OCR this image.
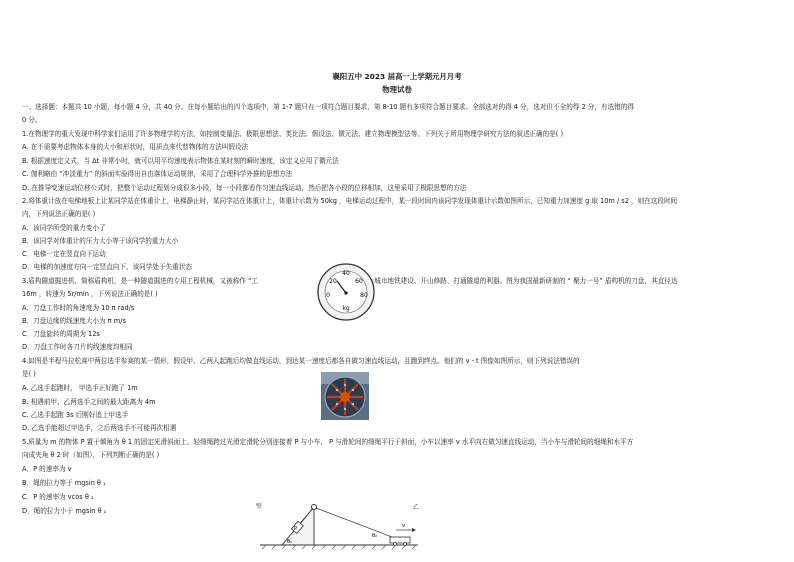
襄阳五中 2023 届高一上学期元月月考
物理试卷
一、选择题：本题共 10 小题，每小题 4 分，共 40 分。在每小题给出的四个选项中，第 1-7 题只有一项符合题目要求，第 8-10 题有多项符合题目要求。全部选对的得 4 分，选对但不全的得 2 分，有选错的得
0 分。
1.在物理学的重大发现中科学家们运用了许多物理学的方法，如控制变量法、极限思想法、类比法、假设法、微元法、建立物理模型法等。下列关于所用物理学研究方法的叙述正确的是( )
A. 在不需要考虑物体本身的大小和形状时，用质点来代替物体的方法叫假设法
B. 根据速度定义式，当 Δt 非常小时，就可以用平均速度表示物体在某时刻的瞬时速度，该定义应用了微元法
C. 伽利略由 “冲淡重力” 的斜面实验得出自由落体运动规律，采用了合理科学外推的思想方法
D. 在推导变速运动位移公式时，把整个运动过程划分成很多小段，每一小段都看作匀速直线运动，然后把各小段的位移相加，这里采用了极限思想的方法
2.将体重计放在电梯地板上让某同学站在体重计上，电梯静止时，某同学站在体重计上，体重计示数为 50kg ，电梯运动过程中，某一段时间内该同学发现体重计示数如图所示，已知重力加速度 g 取 10m / s2 ，则在这段时间
内，下列说法正确的是( )
A．该同学所受的重力变小了
B．该同学对体重计的压力大小等于该同学的重力大小
C．电梯一定在竖直向下运动
D．电梯的加速度方向一定竖直向下，该同学处于失重状态
40
20	60
0	80
kg
3.盾构隧道掘进机，简称盾构机，是一种隧道掘进的专用工程机械，又被称作 “工	;城市地铁建设、开山修路、打通隧道的利器。图为我国最新研制的 “ 聚力一号” 盾构机的刀盘，其直径达
16m ，转速为 5r/min ，下列说法正确的是( )
A．刀盘工作时的角速度为 10 π rad/s
B．刀盘边缘的线速度大小为 π m/s
C．刀盘旋转的周期为 12s
D．刀盘工作时各刀片的线速度均相同
4.如图是半程马拉松赛中两位选手参赛的某一情形，假设甲、乙两人起跑后均做直线运动，到达某一速度后都各自做匀速直线运动，且跑到终点。他们的 v - t 图像如图所示，则下列说法错误的
是( )
A. 乙选手起跑时， 甲选手正好跑了 1m
B. 相遇前甲、乙两选手之间的最大距离为 4m
C. 乙选手起跑 3s 后刚好追上甲选手
D. 乙选手能超过甲选手，之后两选手不可能再次相遇
5.质量为 m 的物体 P 置于倾角为 θ 1 的固定光滑斜面上，轻细绳跨过光滑定滑轮分别连接着 P 与小车， P 与滑轮间的细绳平行于斜面，小车以速率 v 水平向右做匀速直线运动，当小车与滑轮间的细绳和水平方
向成夹角 θ 2 时（如图），下列判断正确的是( )
A．P 的速率为 v
B．绳的拉力等于 mgsin θ ₁
C．P 的速率为 vcos θ ₂
D．绳的拉力小于 mgsin θ ₁
壁
P
θ₁
θ₂
v
乙
